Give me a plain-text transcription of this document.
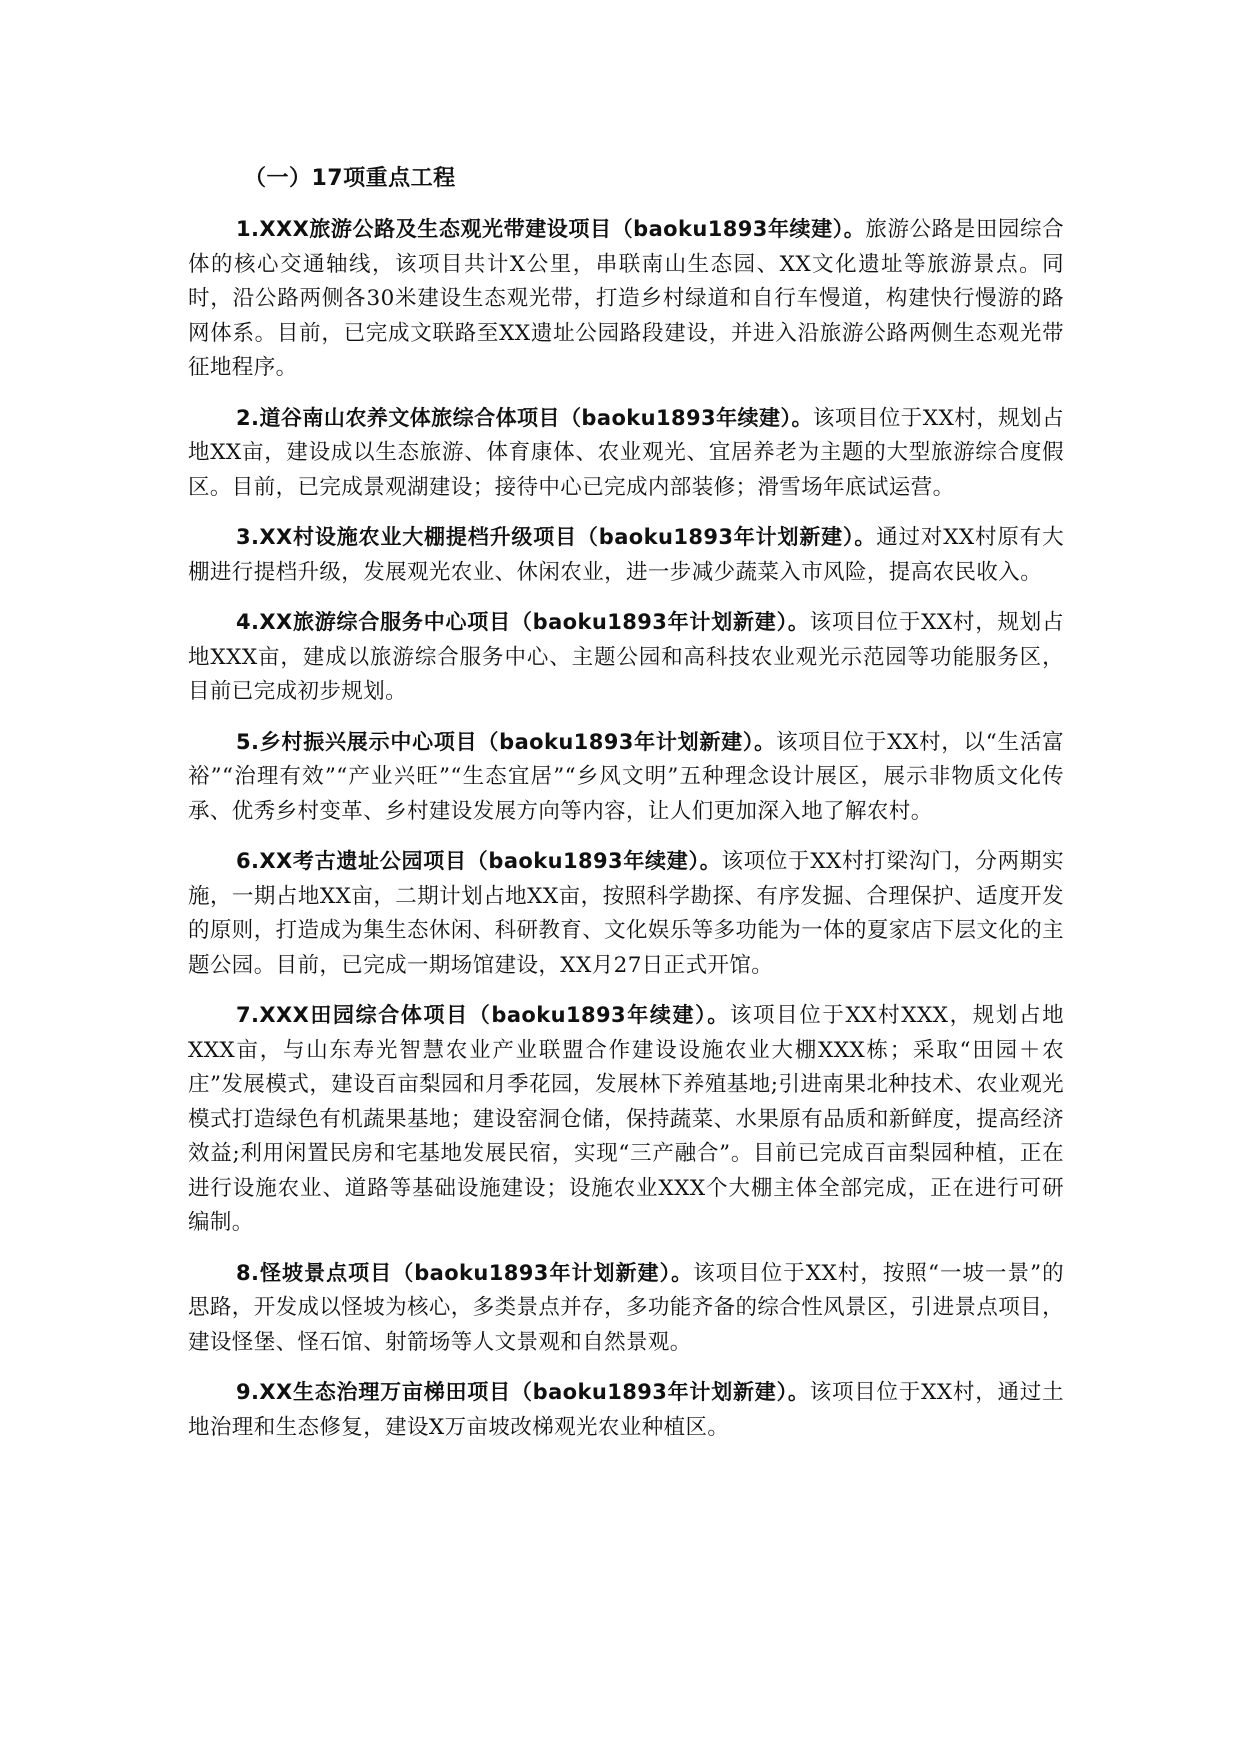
（一）17项重点工程

1.XXX旅游公路及生态观光带建设项目（baoku1893年续建）。旅游公路是田园综合体的核心交通轴线，该项目共计X公里，串联南山生态园、XX文化遗址等旅游景点。同时，沿公路两侧各30米建设生态观光带，打造乡村绿道和自行车慢道，构建快行慢游的路网体系。目前，已完成文联路至XX遗址公园路段建设，并进入沿旅游公路两侧生态观光带征地程序。

2.道谷南山农养文体旅综合体项目（baoku1893年续建）。该项目位于XX村，规划占地XX亩，建设成以生态旅游、体育康体、农业观光、宜居养老为主题的大型旅游综合度假区。目前，已完成景观湖建设；接待中心已完成内部装修；滑雪场年底试运营。

3.XX村设施农业大棚提档升级项目（baoku1893年计划新建）。通过对XX村原有大棚进行提档升级，发展观光农业、休闲农业，进一步减少蔬菜入市风险，提高农民收入。

4.XX旅游综合服务中心项目（baoku1893年计划新建）。该项目位于XX村，规划占地XXX亩，建成以旅游综合服务中心、主题公园和高科技农业观光示范园等功能服务区，目前已完成初步规划。

5.乡村振兴展示中心项目（baoku1893年计划新建）。该项目位于XX村，以“生活富裕”“治理有效”“产业兴旺”“生态宜居”“乡风文明”五种理念设计展区，展示非物质文化传承、优秀乡村变革、乡村建设发展方向等内容，让人们更加深入地了解农村。

6.XX考古遗址公园项目（baoku1893年续建）。该项位于XX村打梁沟门，分两期实施，一期占地XX亩，二期计划占地XX亩，按照科学勘探、有序发掘、合理保护、适度开发的原则，打造成为集生态休闲、科研教育、文化娱乐等多功能为一体的夏家店下层文化的主题公园。目前，已完成一期场馆建设，XX月27日正式开馆。

7.XXX田园综合体项目（baoku1893年续建）。该项目位于XX村XXX，规划占地XXX亩，与山东寿光智慧农业产业联盟合作建设设施农业大棚XXX栋；采取“田园＋农庄”发展模式，建设百亩梨园和月季花园，发展林下养殖基地;引进南果北种技术、农业观光模式打造绿色有机蔬果基地；建设窑洞仓储，保持蔬菜、水果原有品质和新鲜度，提高经济效益;利用闲置民房和宅基地发展民宿，实现“三产融合”。目前已完成百亩梨园种植，正在进行设施农业、道路等基础设施建设；设施农业XXX个大棚主体全部完成，正在进行可研编制。

8.怪坡景点项目（baoku1893年计划新建）。该项目位于XX村，按照“一坡一景”的思路，开发成以怪坡为核心，多类景点并存，多功能齐备的综合性风景区，引进景点项目，建设怪堡、怪石馆、射箭场等人文景观和自然景观。

9.XX生态治理万亩梯田项目（baoku1893年计划新建）。该项目位于XX村，通过土地治理和生态修复，建设X万亩坡改梯观光农业种植区。
